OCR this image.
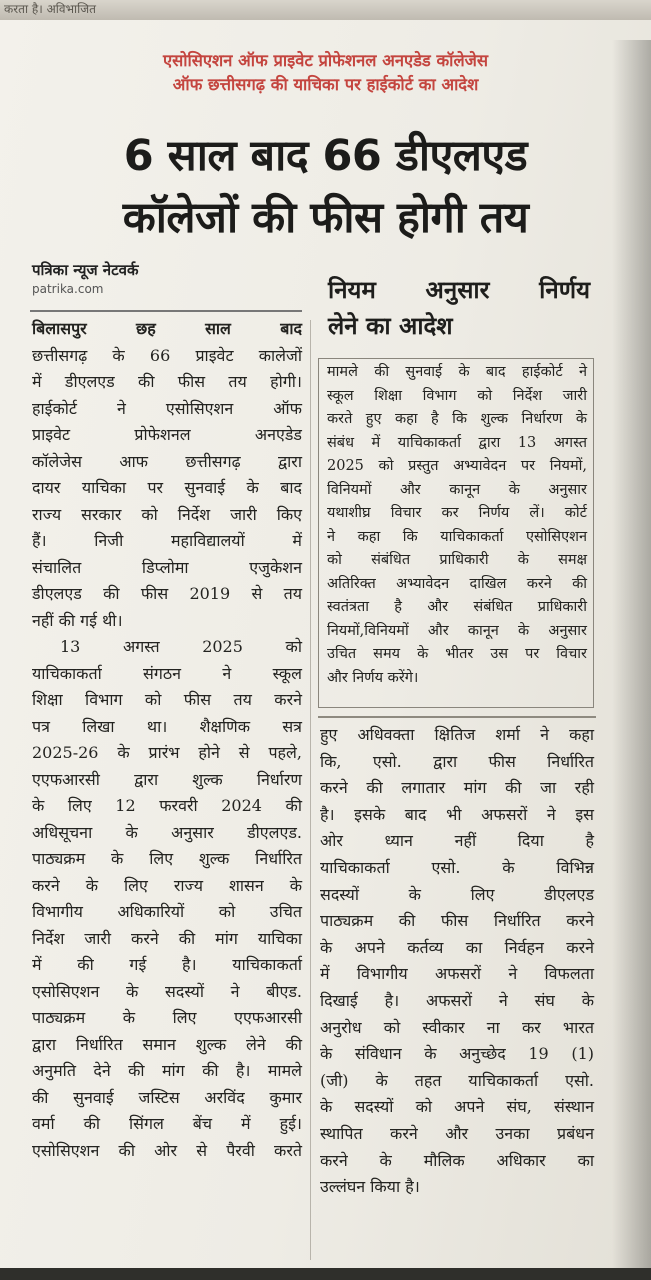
करता है। अविभाजित
एसोसिएशन ऑफ प्राइवेट प्रोफेशनल अनएडेड कॉलेजेस
ऑफ छत्तीसगढ़ की याचिका पर हाईकोर्ट का आदेश
6 साल बाद 66 डीएलएड
कॉलेजों की फीस होगी तय
पत्रिका न्यूज नेटवर्क
patrika.com

बिलासपुर छह साल बाद
छत्तीसगढ़ के 66 प्राइवेट कालेजों
में डीएलएड की फीस तय होगी।
हाईकोर्ट ने एसोसिएशन ऑफ
प्राइवेट प्रोफेशनल अनएडेड
कॉलेजेस आफ छत्तीसगढ़ द्वारा
दायर याचिका पर सुनवाई के बाद
राज्य सरकार को निर्देश जारी किए
हैं। निजी महाविद्यालयों में
संचालित डिप्लोमा एजुकेशन
डीएलएड की फीस 2019 से तय
नहीं की गई थी।

13 अगस्त 2025 को
याचिकाकर्ता संगठन ने स्कूल
शिक्षा विभाग को फीस तय करने
पत्र लिखा था। शैक्षणिक सत्र
2025-26 के प्रारंभ होने से पहले,
एएफआरसी द्वारा शुल्क निर्धारण
के लिए 12 फरवरी 2024 की
अधिसूचना के अनुसार डीएलएड.
पाठ्यक्रम के लिए शुल्क निर्धारित
करने के लिए राज्य शासन के
विभागीय अधिकारियों को उचित
निर्देश जारी करने की मांग याचिका
में की गई है। याचिकाकर्ता
एसोसिएशन के सदस्यों ने बीएड.
पाठ्यक्रम के लिए एएफआरसी
द्वारा निर्धारित समान शुल्क लेने की
अनुमति देने की मांग की है। मामले
की सुनवाई जस्टिस अरविंद कुमार
वर्मा की सिंगल बेंच में हुई।
एसोसिएशन की ओर से पैरवी करते

नियम अनुसार निर्णय
लेने का आदेश
मामले की सुनवाई के बाद हाईकोर्ट ने
स्कूल शिक्षा विभाग को निर्देश जारी
करते हुए कहा है कि शुल्क निर्धारण के
संबंध में याचिकाकर्ता द्वारा 13 अगस्त
2025 को प्रस्तुत अभ्यावेदन पर नियमों,
विनियमों और कानून के अनुसार
यथाशीघ्र विचार कर निर्णय लें। कोर्ट
ने कहा कि याचिकाकर्ता एसोसिएशन
को संबंधित प्राधिकारी के समक्ष
अतिरिक्त अभ्यावेदन दाखिल करने की
स्वतंत्रता है और संबंधित प्राधिकारी
नियमों,विनियमों और कानून के अनुसार
उचित समय के भीतर उस पर विचार
और निर्णय करेंगे।
हुए अधिवक्ता क्षितिज शर्मा ने कहा
कि, एसो. द्वारा फीस निर्धारित
करने की लगातार मांग की जा रही
है। इसके बाद भी अफसरों ने इस
ओर ध्यान नहीं दिया है
याचिकाकर्ता एसो. के विभिन्न
सदस्यों के लिए डीएलएड
पाठ्यक्रम की फीस निर्धारित करने
के अपने कर्तव्य का निर्वहन करने
में विभागीय अफसरों ने विफलता
दिखाई है। अफसरों ने संघ के
अनुरोध को स्वीकार ना कर भारत
के संविधान के अनुच्छेद 19 (1)
(जी) के तहत याचिकाकर्ता एसो.
के सदस्यों को अपने संघ, संस्थान
स्थापित करने और उनका प्रबंधन
करने के मौलिक अधिकार का
उल्लंघन किया है।
